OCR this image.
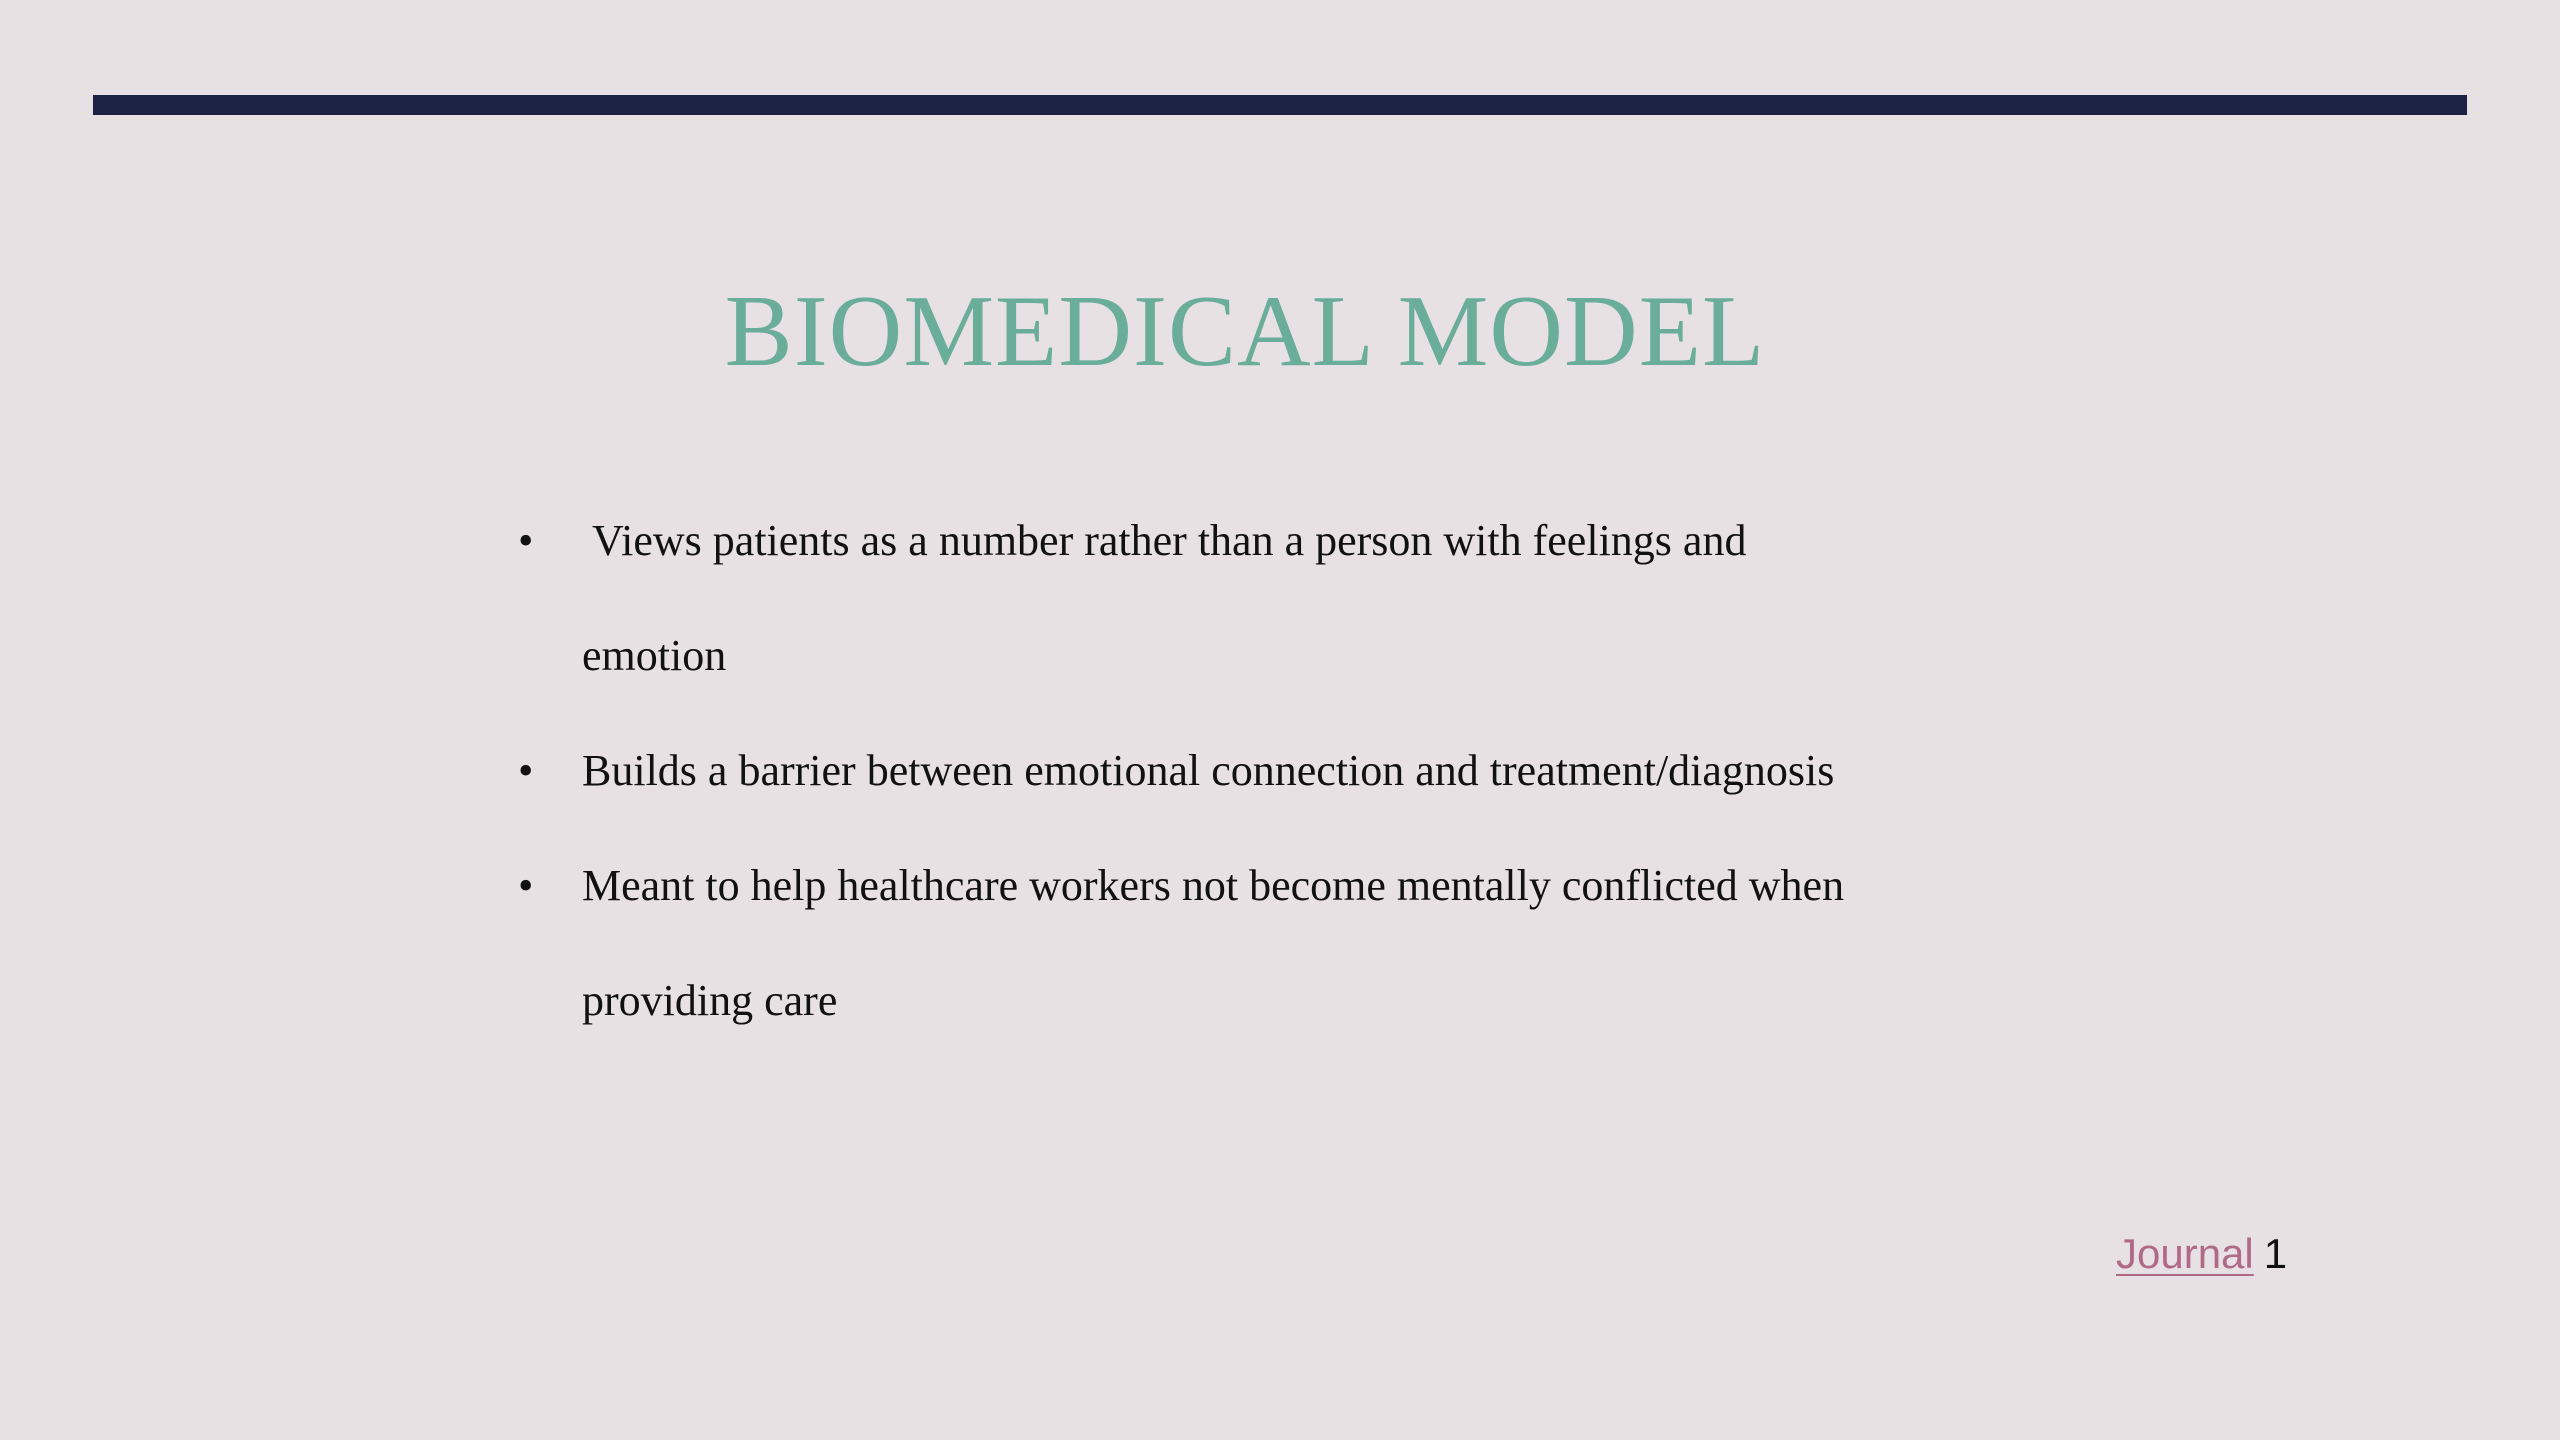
BIOMEDICAL MODEL
• Views patients as a number rather than a person with feelings and
emotion
• Builds a barrier between emotional connection and treatment/diagnosis
• Meant to help healthcare workers not become mentally conflicted when
providing care
Journal 1
